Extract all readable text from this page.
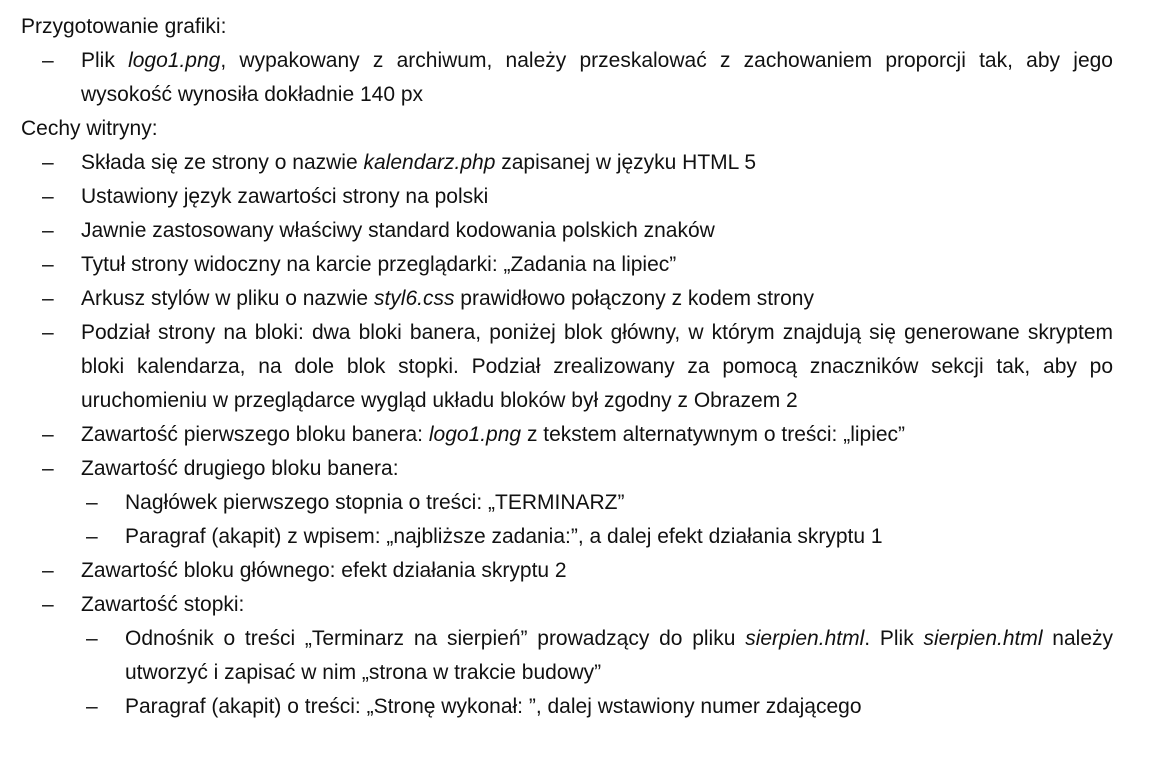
Przygotowanie grafiki:

– Plik logo1.png, wypakowany z archiwum, należy przeskalować z zachowaniem proporcji tak, aby jego wysokość wynosiła dokładnie 140 px

Cechy witryny:

– Składa się ze strony o nazwie kalendarz.php zapisanej w języku HTML 5
– Ustawiony język zawartości strony na polski
– Jawnie zastosowany właściwy standard kodowania polskich znaków
– Tytuł strony widoczny na karcie przeglądarki: „Zadania na lipiec”
– Arkusz stylów w pliku o nazwie styl6.css prawidłowo połączony z kodem strony
– Podział strony na bloki: dwa bloki banera, poniżej blok główny, w którym znajdują się generowane skryptem bloki kalendarza, na dole blok stopki. Podział zrealizowany za pomocą znaczników sekcji tak, aby po uruchomieniu w przeglądarce wygląd układu bloków był zgodny z Obrazem 2
– Zawartość pierwszego bloku banera: logo1.png z tekstem alternatywnym o treści: „lipiec”
– Zawartość drugiego bloku banera:
– Nagłówek pierwszego stopnia o treści: „TERMINARZ”
– Paragraf (akapit) z wpisem: „najbliższe zadania:”, a dalej efekt działania skryptu 1
– Zawartość bloku głównego: efekt działania skryptu 2
– Zawartość stopki:
– Odnośnik o treści „Terminarz na sierpień” prowadzący do pliku sierpien.html. Plik sierpien.html należy utworzyć i zapisać w nim „strona w trakcie budowy”
– Paragraf (akapit) o treści: „Stronę wykonał: ”, dalej wstawiony numer zdającego
